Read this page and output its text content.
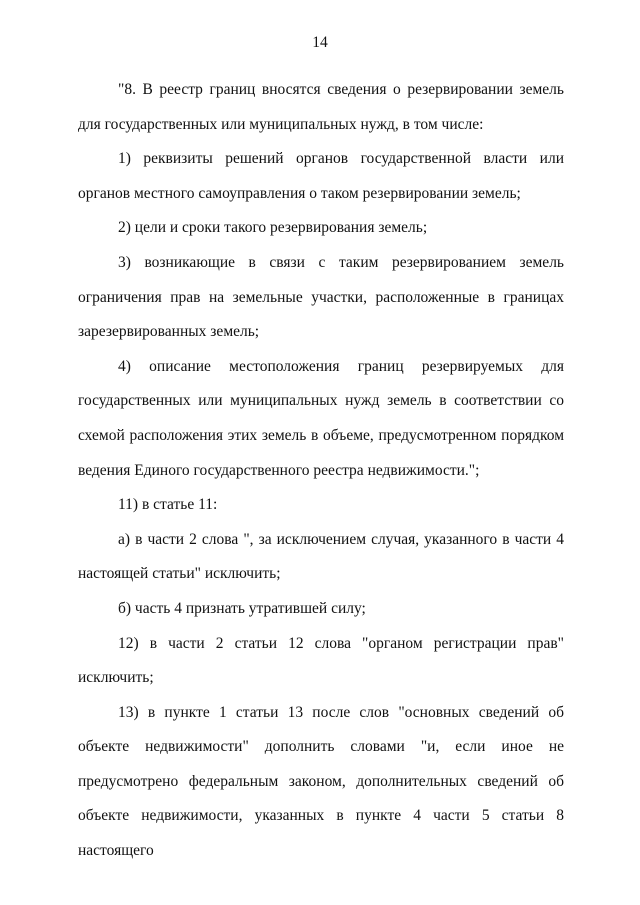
14

"8. В реестр границ вносятся сведения о резервировании земель для государственных или муниципальных нужд, в том числе:

1) реквизиты решений органов государственной власти или органов местного самоуправления о таком резервировании земель;

2) цели и сроки такого резервирования земель;

3) возникающие в связи с таким резервированием земель ограничения прав на земельные участки, расположенные в границах зарезервированных земель;

4) описание местоположения границ резервируемых для государственных или муниципальных нужд земель в соответствии со схемой расположения этих земель в объеме, предусмотренном порядком ведения Единого государственного реестра недвижимости.";

11) в статье 11:

а) в части 2 слова ", за исключением случая, указанного в части 4 настоящей статьи" исключить;

б) часть 4 признать утратившей силу;

12) в части 2 статьи 12 слова "органом регистрации прав" исключить;

13) в пункте 1 статьи 13 после слов "основных сведений об объекте недвижимости" дополнить словами "и, если иное не предусмотрено федеральным законом, дополнительных сведений об объекте недвижимости, указанных в пункте 4 части 5 статьи 8 настоящего
